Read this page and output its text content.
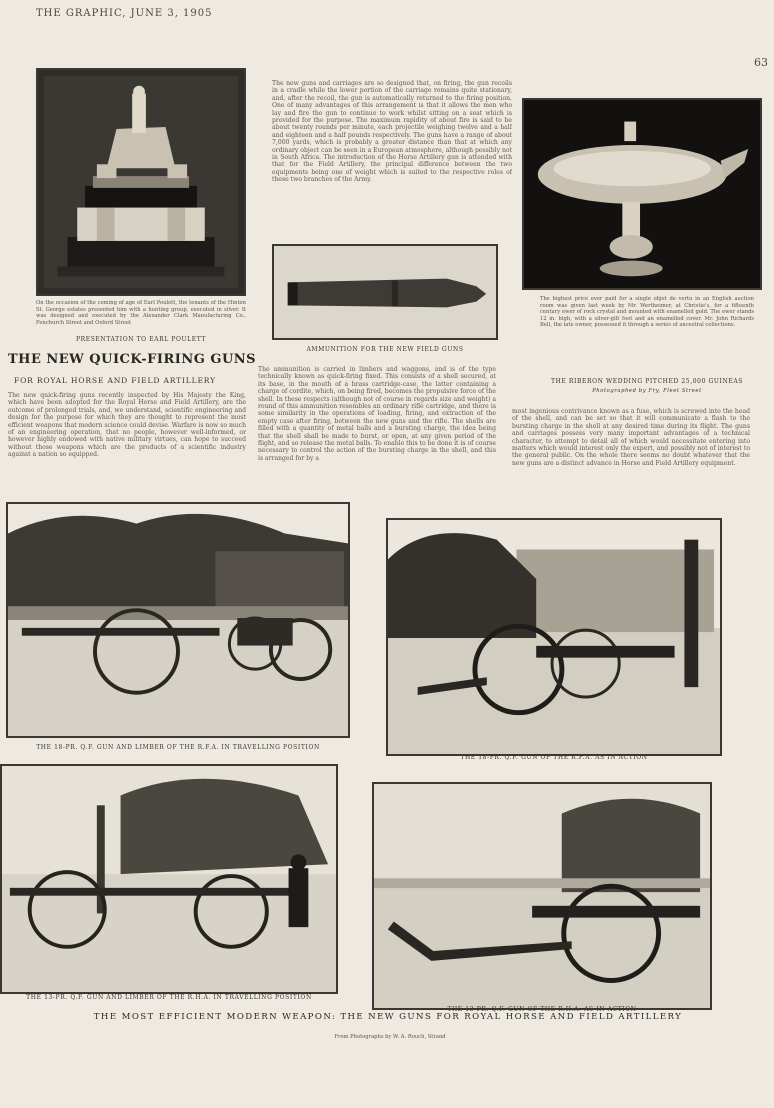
THE GRAPHIC, JUNE 3, 1905
63
On the occasion of the coming of age of Earl Poulett, the tenants of the Hinton St. George estates presented him with a hunting group, executed in silver. It was designed and executed by the Alexander Clark Manufacturing Co., Fenchurch Street and Oxford Street
PRESENTATION TO EARL POULETT
The new guns and carriages are so designed that, on firing, the gun recoils in a cradle while the lower portion of the carriage remains quite stationary, and, after the recoil, the gun is automatically returned to the firing position. One of many advantages of this arrangement is that it allows the men who lay and fire the gun to continue to work whilst sitting on a seat which is provided for the purpose. The maximum rapidity of about fire is said to be about twenty rounds per minute, each projectile weighing twelve and a half and eighteen and a half pounds respectively. The guns have a range of about 7,000 yards, which is probably a greater distance than that at which any ordinary object can be seen in a European atmosphere, although possibly not in South Africa. The introduction of the Horse Artillery gun is attended with that for the Field Artillery, the principal difference between the two equipments being one of weight which is suited to the respective roles of these two branches of the Army.
AMMUNITION FOR THE NEW FIELD GUNS
The highest price ever paid for a single objet de vertu in an English auction room was given last week by Mr. Wertheimer, at Christie's, for a fifteenth century ewer of rock crystal and mounted with enamelled gold. The ewer stands 12 in. high, with a silver-gilt foot and an enamelled cover. Mr. John Richards Bell, the late owner, possessed it through a series of ancestral collections.
THE RIBERON WEDDING PITCHED 25,000 GUINEAS
Photographed by Fry, Fleet Street
THE NEW QUICK-FIRING GUNS
FOR ROYAL HORSE AND FIELD ARTILLERY
The new quick-firing guns recently inspected by His Majesty the King, which have been adopted for the Royal Horse and Field Artillery, are the outcome of prolonged trials, and, we understand, scientific engineering and design for the purpose for which they are thought to represent the most efficient weapons that modern science could devise. Warfare is now so much of an engineering operation, that no people, however well-informed, or however highly endowed with native military virtues, can hope to succeed without those weapons which are the products of a scientific industry against a nation so equipped.
The ammunition is carried in limbers and waggons, and is of the type technically known as quick-firing fixed. This consists of a shell secured, at its base, in the mouth of a brass cartridge-case, the latter containing a charge of cordite, which, on being fired, becomes the propulsive force of the shell. In these respects (although not of course in regards size and weight) a round of this ammunition resembles an ordinary rifle cartridge, and there is some similarity in the operations of loading, firing, and extraction of the empty case after firing, between the new guns and the rifle. The shells are filled with a quantity of metal balls and a bursting charge, the idea being that the shell shall be made to burst, or open, at any given period of the flight, and so release the metal balls. To enable this to be done it is of course necessary to control the action of the bursting charge in the shell, and this is arranged for by a
most ingenious contrivance known as a fuse, which is screwed into the head of the shell, and can be set so that it will communicate a flash to the bursting charge in the shell at any desired time during its flight. The guns and carriages possess very many important advantages of a technical character, to attempt to detail all of which would necessitate entering into matters which would interest only the expert, and possibly not of interest to the general public. On the whole there seems no doubt whatever that the new guns are a distinct advance in Horse and Field Artillery equipment.
THE 18-PR. Q.F. GUN AND LIMBER OF THE R.F.A. IN TRAVELLING POSITION
THE 18-PR. Q.F. GUN OF THE R.F.A. AS IN ACTION
THE 13-PR. Q.F. GUN AND LIMBER OF THE R.H.A. IN TRAVELLING POSITION
THE 13-PR. Q.F. GUN OF THE R.H.A. AS IN ACTION
THE MOST EFFICIENT MODERN WEAPON: THE NEW GUNS FOR ROYAL HORSE AND FIELD ARTILLERY
From Photographs by W. A. Rouch, Strand
